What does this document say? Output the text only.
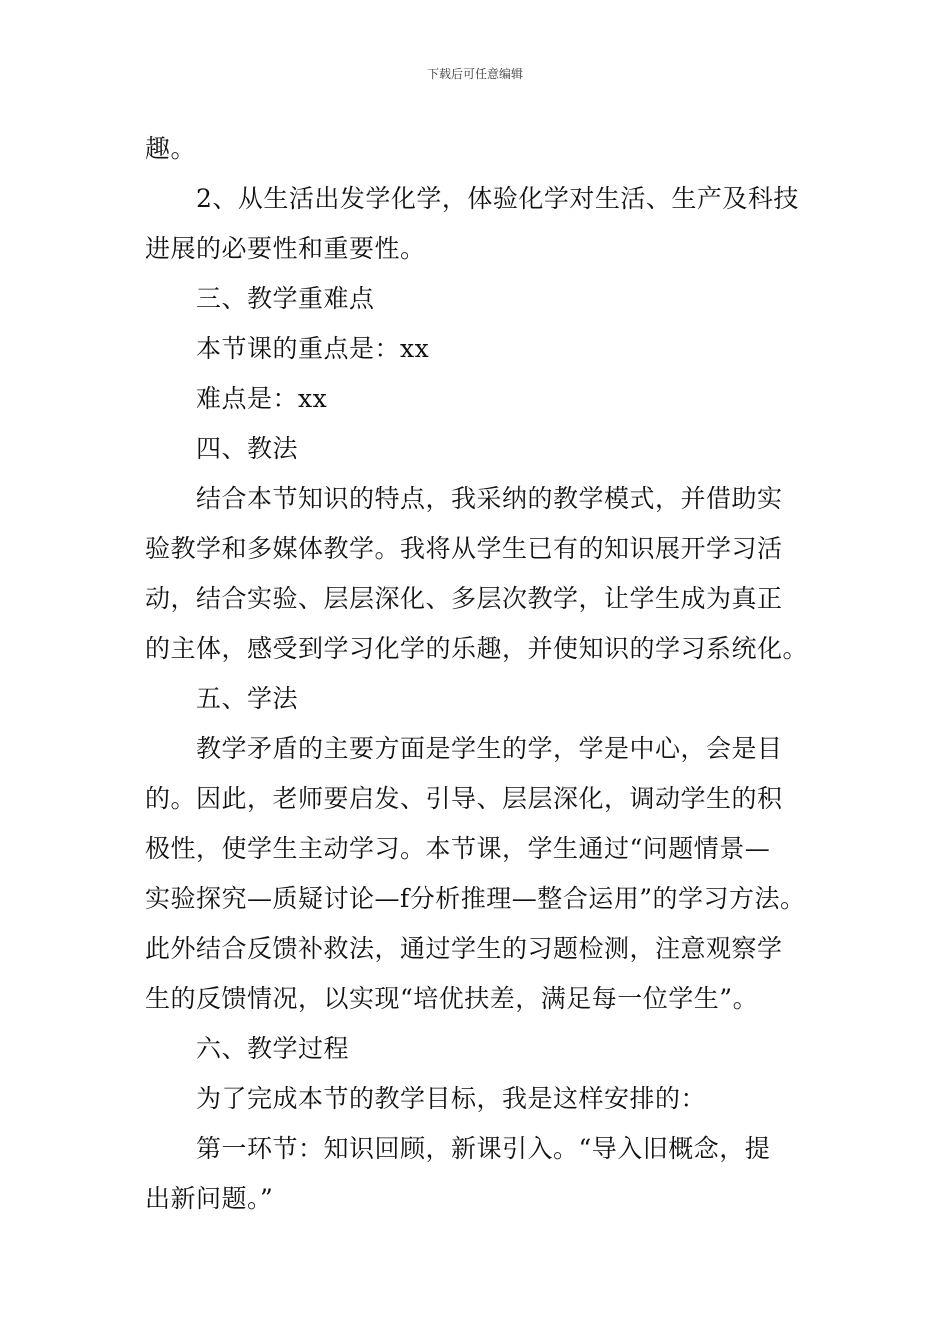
下载后可任意编辑
趣。
2、从生活出发学化学，体验化学对生活、生产及科技
进展的必要性和重要性。
三、教学重难点
本节课的重点是：xx
难点是：xx
四、教法
结合本节知识的特点，我采纳的教学模式，并借助实
验教学和多媒体教学。我将从学生已有的知识展开学习活
动，结合实验、层层深化、多层次教学，让学生成为真正
的主体，感受到学习化学的乐趣，并使知识的学习系统化。
五、学法
教学矛盾的主要方面是学生的学，学是中心，会是目
的。因此，老师要启发、引导、层层深化，调动学生的积
极性，使学生主动学习。本节课，学生通过“问题情景—
实验探究—质疑讨论—f分析推理—整合运用”的学习方法。
此外结合反馈补救法，通过学生的习题检测，注意观察学
生的反馈情况，以实现“培优扶差，满足每一位学生”。
六、教学过程
为了完成本节的教学目标，我是这样安排的：
第一环节：知识回顾，新课引入。“导入旧概念，提
出新问题。”
